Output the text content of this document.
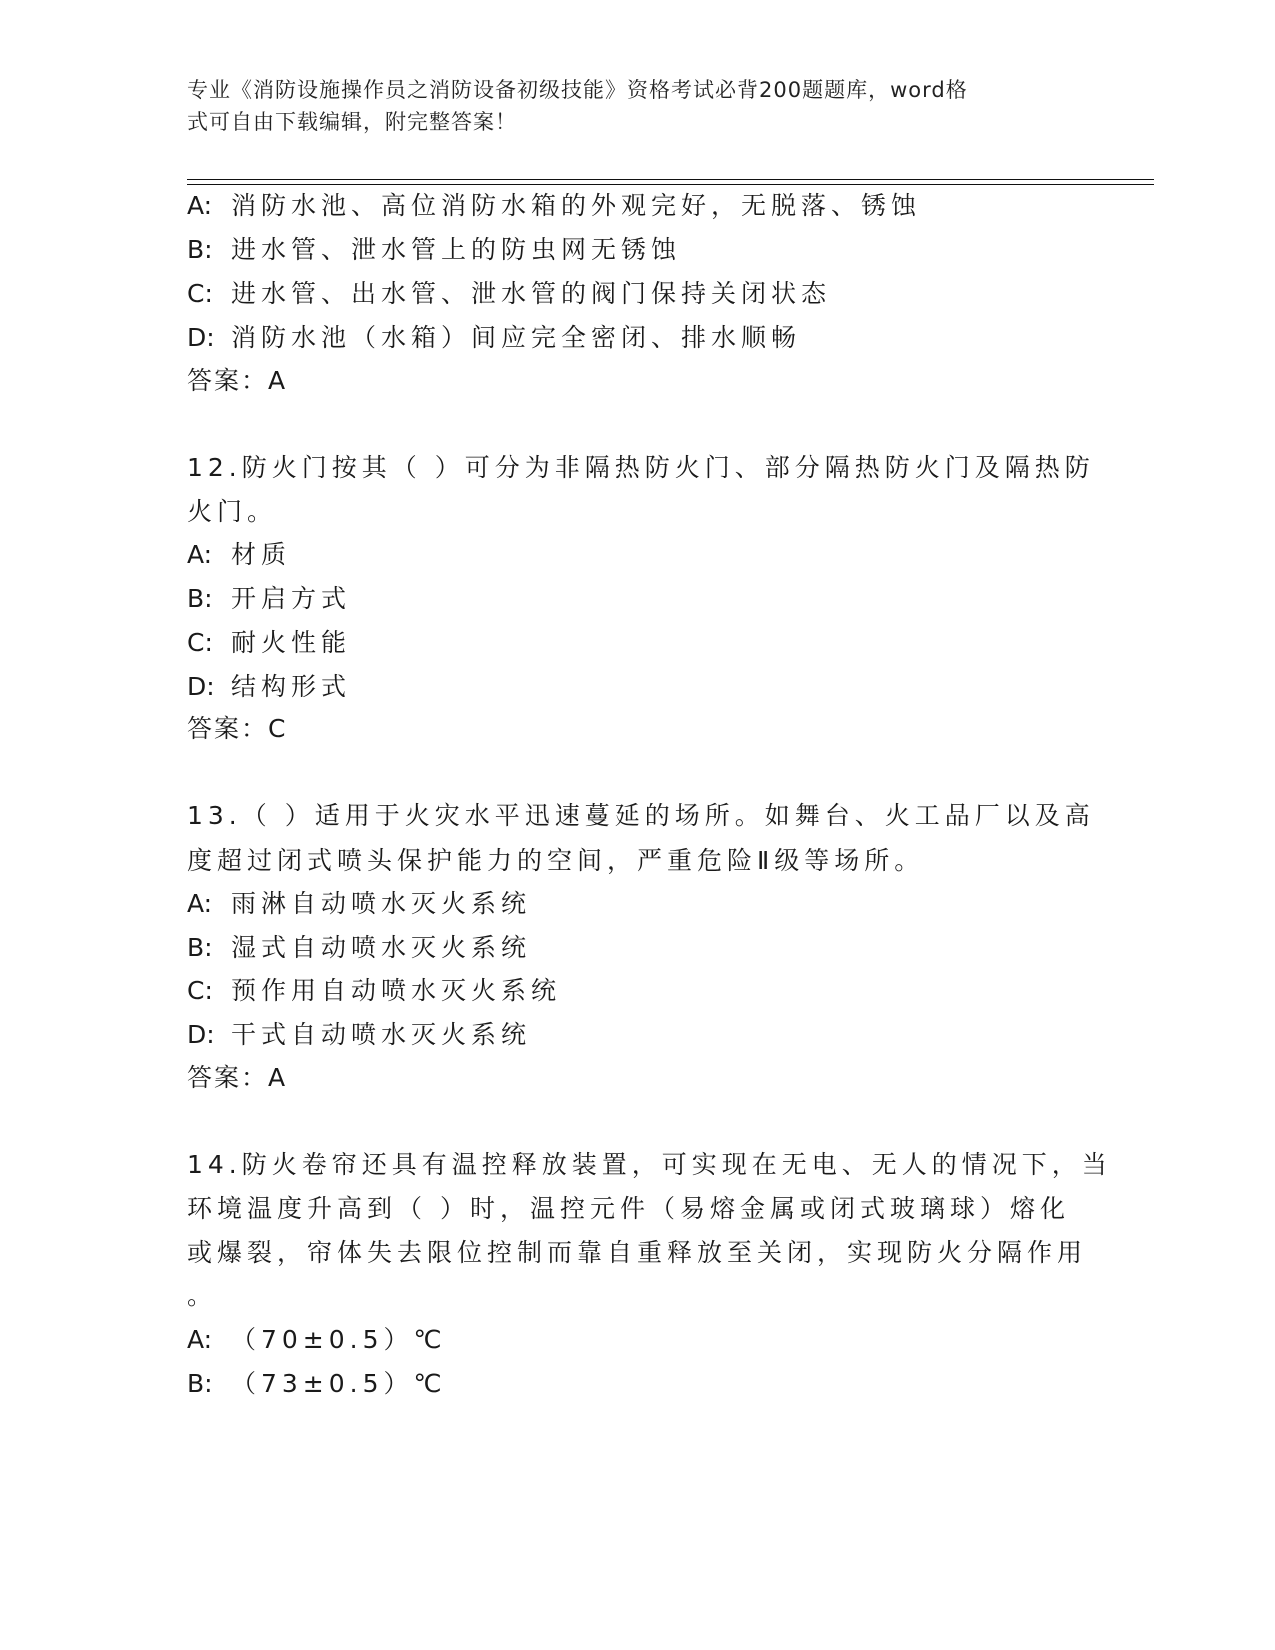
专业《消防设施操作员之消防设备初级技能》资格考试必背200题题库，word格
式可自由下载编辑，附完整答案！
A: 消防水池、高位消防水箱的外观完好，无脱落、锈蚀
B: 进水管、泄水管上的防虫网无锈蚀
C: 进水管、出水管、泄水管的阀门保持关闭状态
D: 消防水池（水箱）间应完全密闭、排水顺畅
答案：A
12.防火门按其（ ）可分为非隔热防火门、部分隔热防火门及隔热防
火门。
A: 材质
B: 开启方式
C: 耐火性能
D: 结构形式
答案：C
13.（ ）适用于火灾水平迅速蔓延的场所。如舞台、火工品厂以及高
度超过闭式喷头保护能力的空间，严重危险Ⅱ级等场所。
A: 雨淋自动喷水灭火系统
B: 湿式自动喷水灭火系统
C: 预作用自动喷水灭火系统
D: 干式自动喷水灭火系统
答案：A
14.防火卷帘还具有温控释放装置，可实现在无电、无人的情况下，当
环境温度升高到（ ）时，温控元件（易熔金属或闭式玻璃球）熔化
或爆裂，帘体失去限位控制而靠自重释放至关闭，实现防火分隔作用
。
A: （70±0.5）℃
B: （73±0.5）℃
